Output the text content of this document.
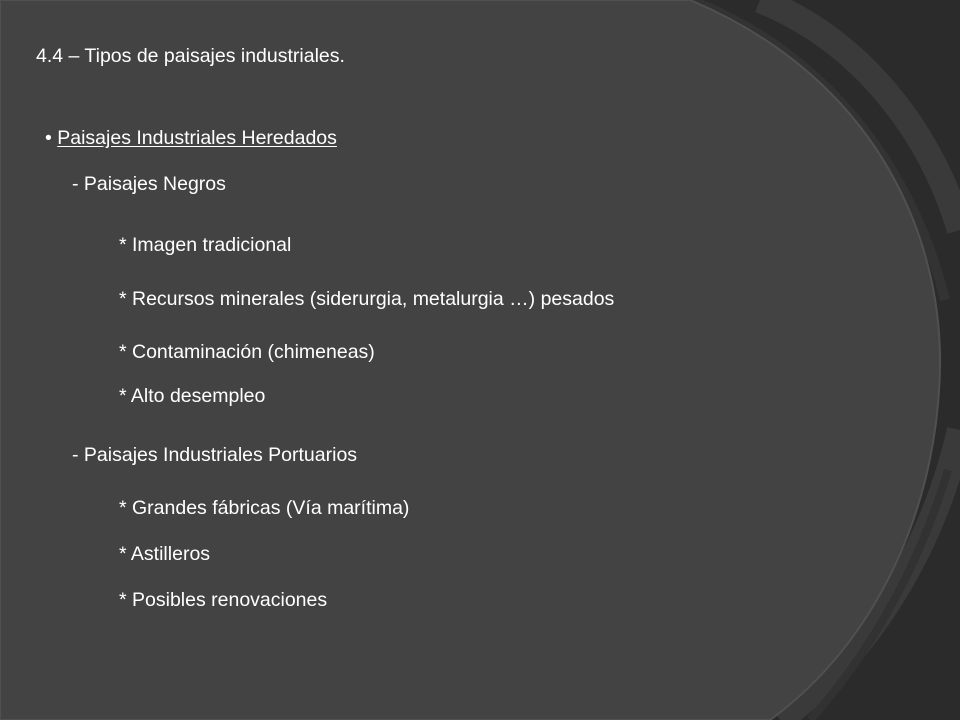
4.4 – Tipos de paisajes industriales.
• Paisajes Industriales Heredados
- Paisajes Negros
* Imagen tradicional
* Recursos minerales (siderurgia, metalurgia …) pesados
* Contaminación (chimeneas)
* Alto desempleo
- Paisajes Industriales Portuarios
* Grandes fábricas (Vía marítima)
* Astilleros
* Posibles renovaciones
